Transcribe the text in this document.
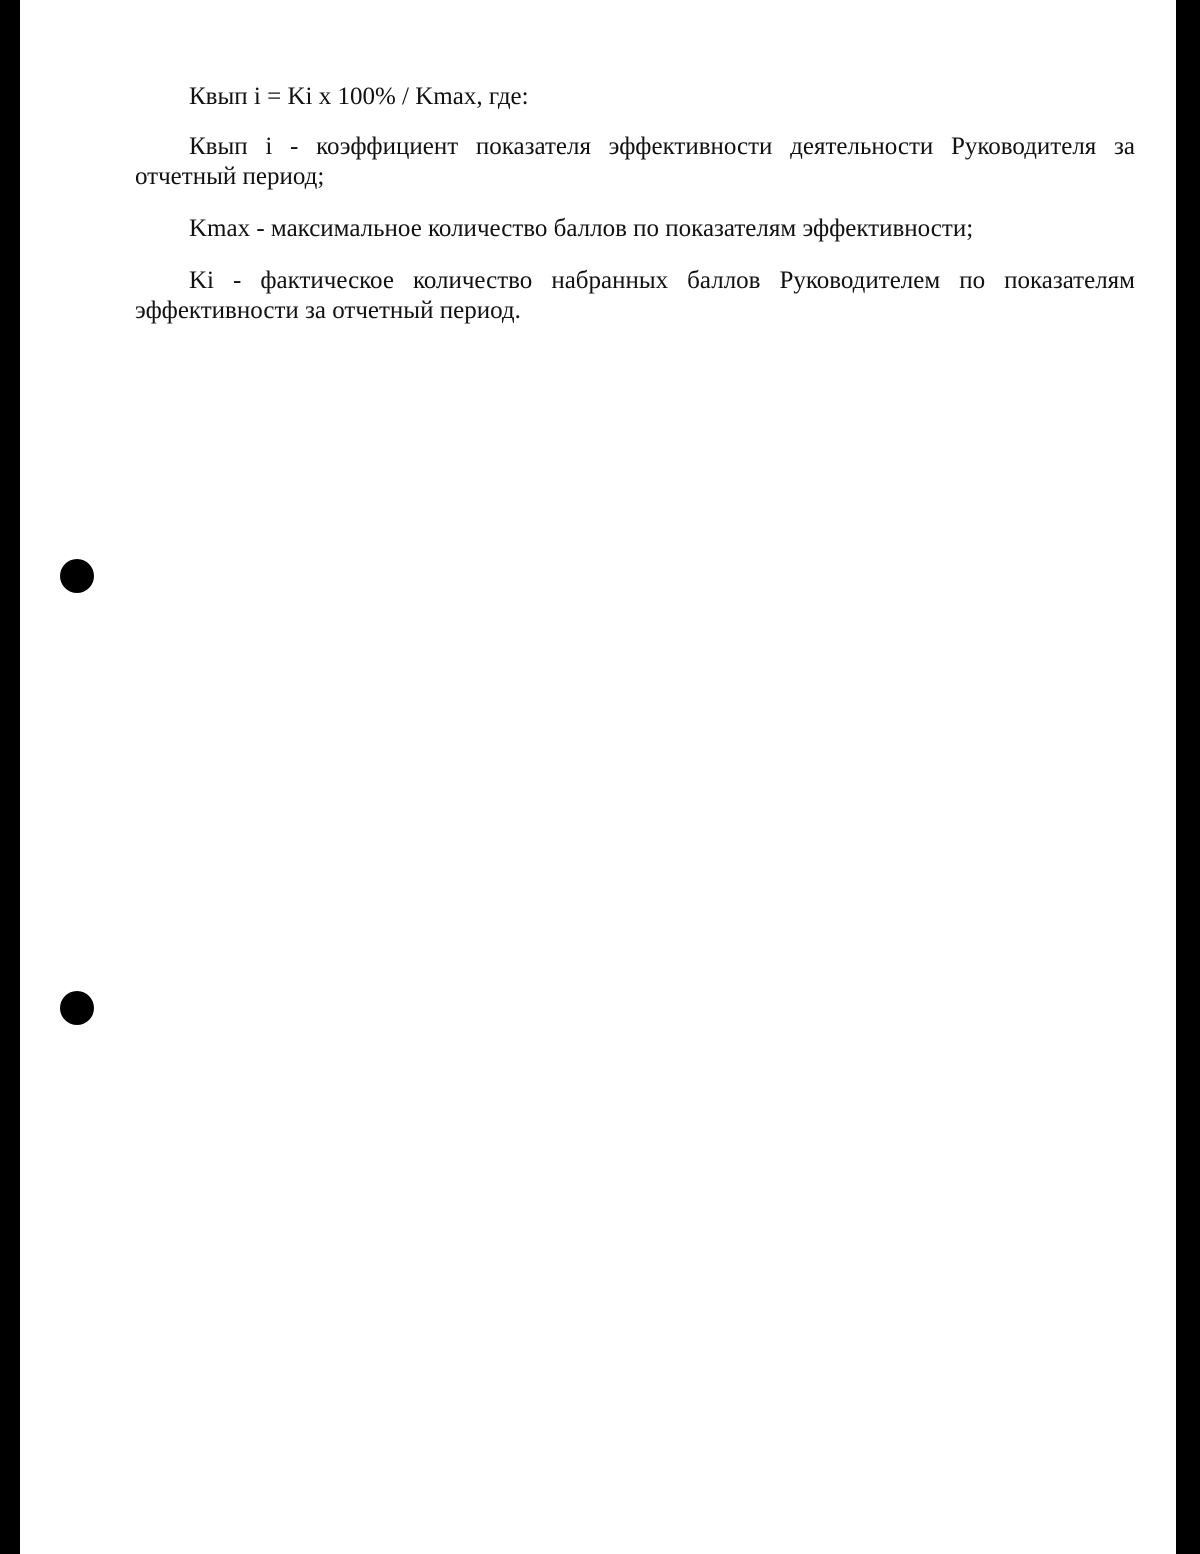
Квып i = Ki x 100% / Kmax, где:

Квып i - коэффициент показателя эффективности деятельности Руководителя за отчетный период;

Kmax - максимальное количество баллов по показателям эффективности;

Ki - фактическое количество набранных баллов Руководителем по показателям эффективности за отчетный период.
